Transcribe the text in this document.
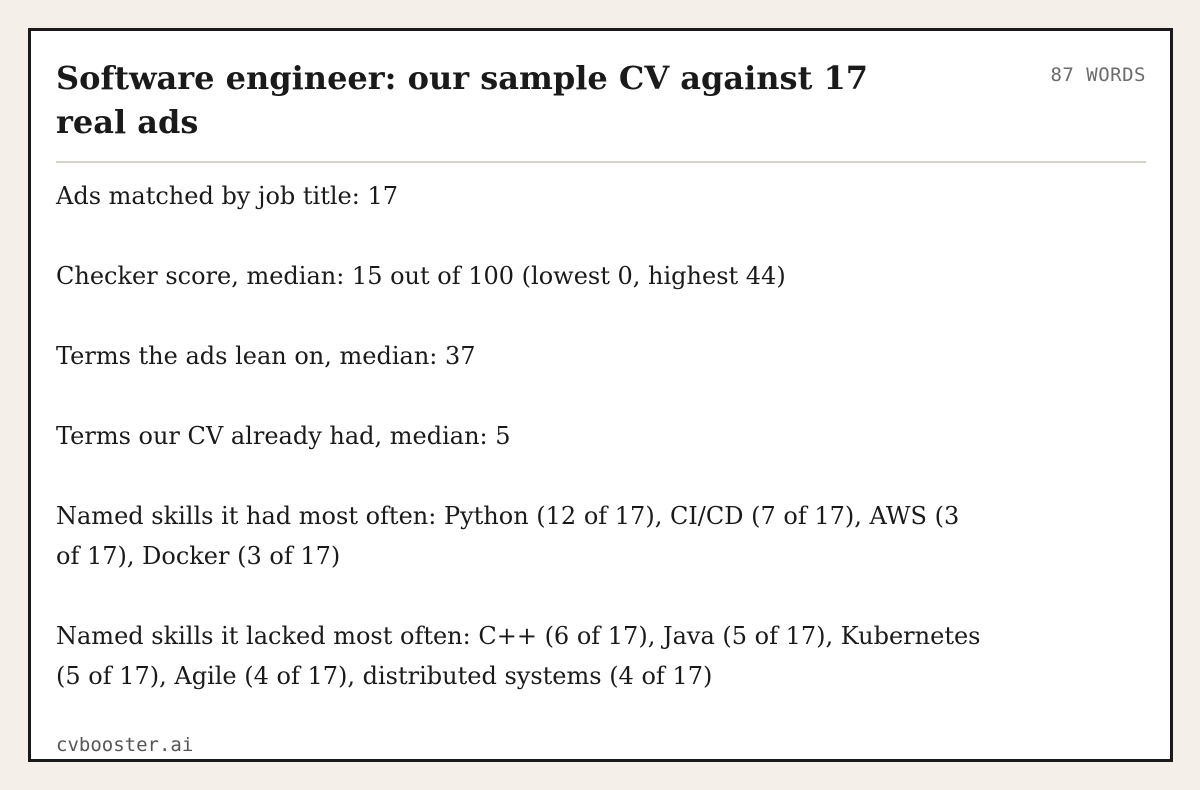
Software engineer: our sample CV against 17 real ads
87 WORDS
Ads matched by job title: 17
Checker score, median: 15 out of 100 (lowest 0, highest 44)
Terms the ads lean on, median: 37
Terms our CV already had, median: 5
Named skills it had most often: Python (12 of 17), CI/CD (7 of 17), AWS (3 of 17), Docker (3 of 17)
Named skills it lacked most often: C++ (6 of 17), Java (5 of 17), Kubernetes (5 of 17), Agile (4 of 17), distributed systems (4 of 17)
cvbooster.ai
